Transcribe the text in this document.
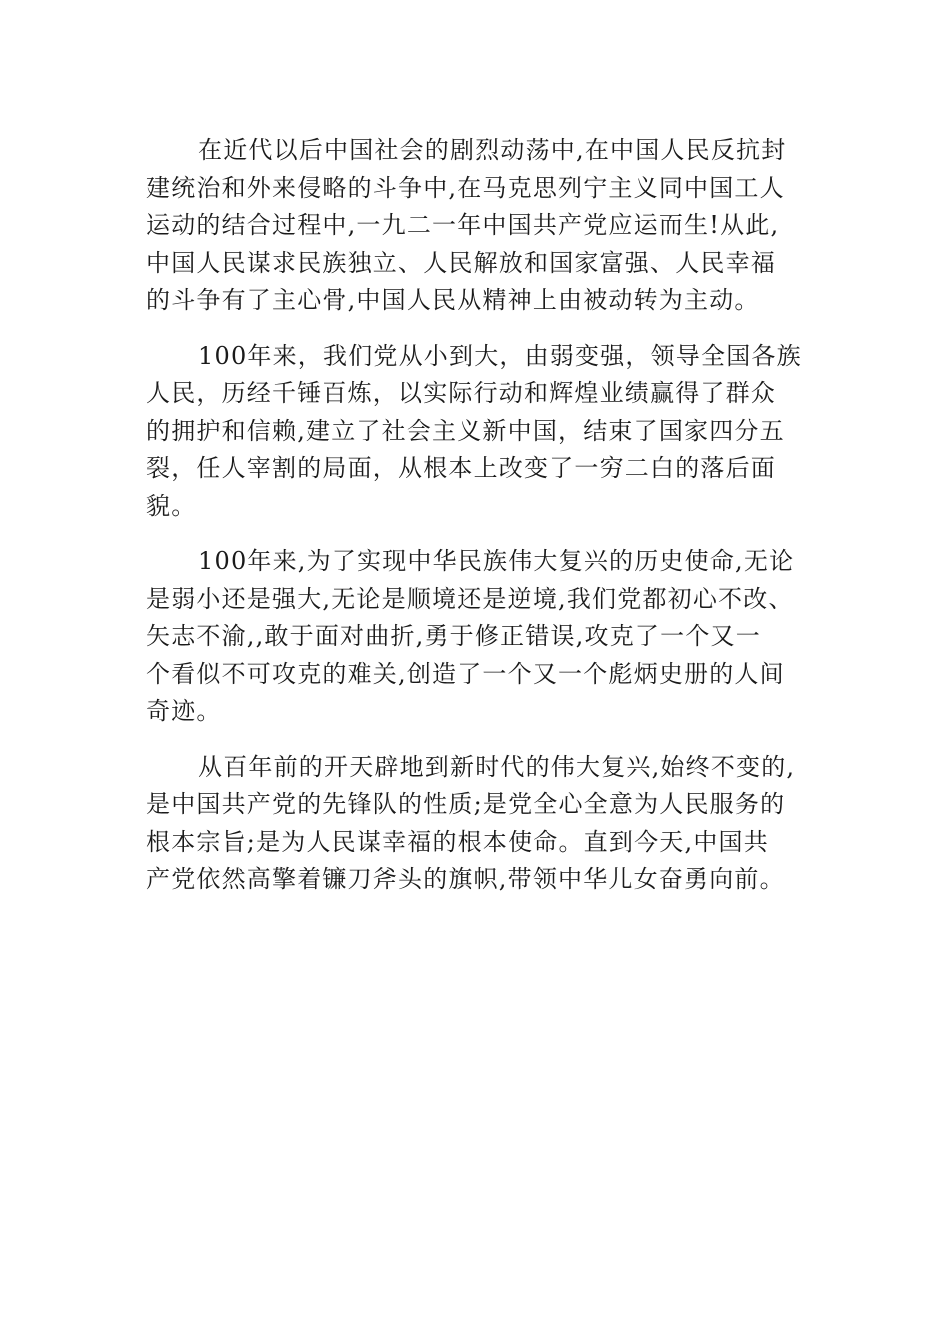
在近代以后中国社会的剧烈动荡中,在中国人民反抗封
建统治和外来侵略的斗争中,在马克思列宁主义同中国工人
运动的结合过程中,一九二一年中国共产党应运而生!从此,
中国人民谋求民族独立、人民解放和国家富强、人民幸福
的斗争有了主心骨,中国人民从精神上由被动转为主动。

100年来，我们党从小到大，由弱变强，领导全国各族
人民，历经千锤百炼，以实际行动和辉煌业绩赢得了群众
的拥护和信赖,建立了社会主义新中国，结束了国家四分五
裂，任人宰割的局面，从根本上改变了一穷二白的落后面
貌。

100年来,为了实现中华民族伟大复兴的历史使命,无论
是弱小还是强大,无论是顺境还是逆境,我们党都初心不改、
矢志不渝,,敢于面对曲折,勇于修正错误,攻克了一个又一
个看似不可攻克的难关,创造了一个又一个彪炳史册的人间
奇迹。

从百年前的开天辟地到新时代的伟大复兴,始终不变的,
是中国共产党的先锋队的性质;是党全心全意为人民服务的
根本宗旨;是为人民谋幸福的根本使命。直到今天,中国共
产党依然高擎着镰刀斧头的旗帜,带领中华儿女奋勇向前。
